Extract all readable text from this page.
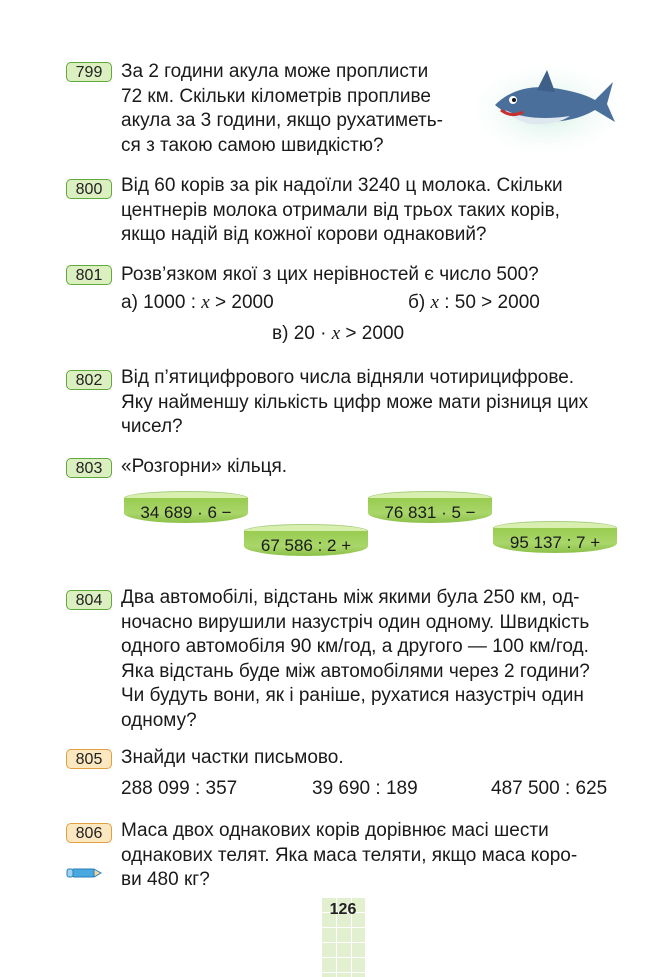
799 За 2 години акула може проплисти
72 км. Скільки кілометрів пропливе
акула за 3 години, якщо рухатиметь-
ся з такою самою швидкістю?
800 Від 60 корів за рік надоїли 3240 ц молока. Скільки
центнерів молока отримали від трьох таких корів,
якщо надій від кожної корови однаковий?
801 Розв’язком якої з цих нерівностей є число 500?
а) 1000 : x > 2000	б) x : 50 > 2000
в) 20 · x > 2000
802 Від п’ятицифрового числа відняли чотирицифрове.
Яку найменшу кількість цифр може мати різниця цих
чисел?
803 «Розгорни» кільця.
34 689 · 6 −
67 586 : 2 +
76 831 · 5 −
95 137 : 7 +
804 Два автомобілі, відстань між якими була 250 км, од-
ночасно вирушили назустріч один одному. Швидкість
одного автомобіля 90 км/год, а другого — 100 км/год.
Яка відстань буде між автомобілями через 2 години?
Чи будуть вони, як і раніше, рухатися назустріч один
одному?
805 Знайди частки письмово.
288 099 : 357	39 690 : 189	487 500 : 625
806 Маса двох однакових корів дорівнює масі шести
однакових телят. Яка маса теляти, якщо маса коро-
ви 480 кг?
126
